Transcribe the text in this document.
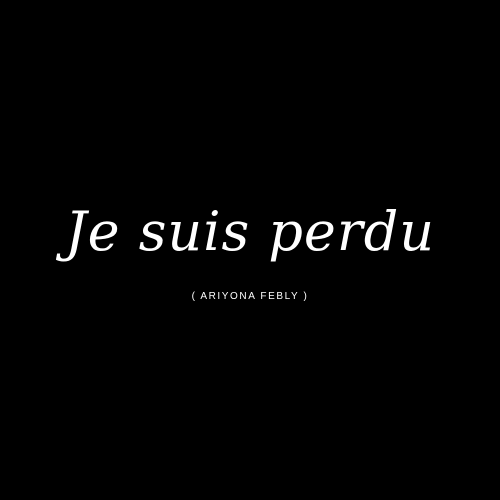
Je suis perdu
( ARIYONA FEBLY )
